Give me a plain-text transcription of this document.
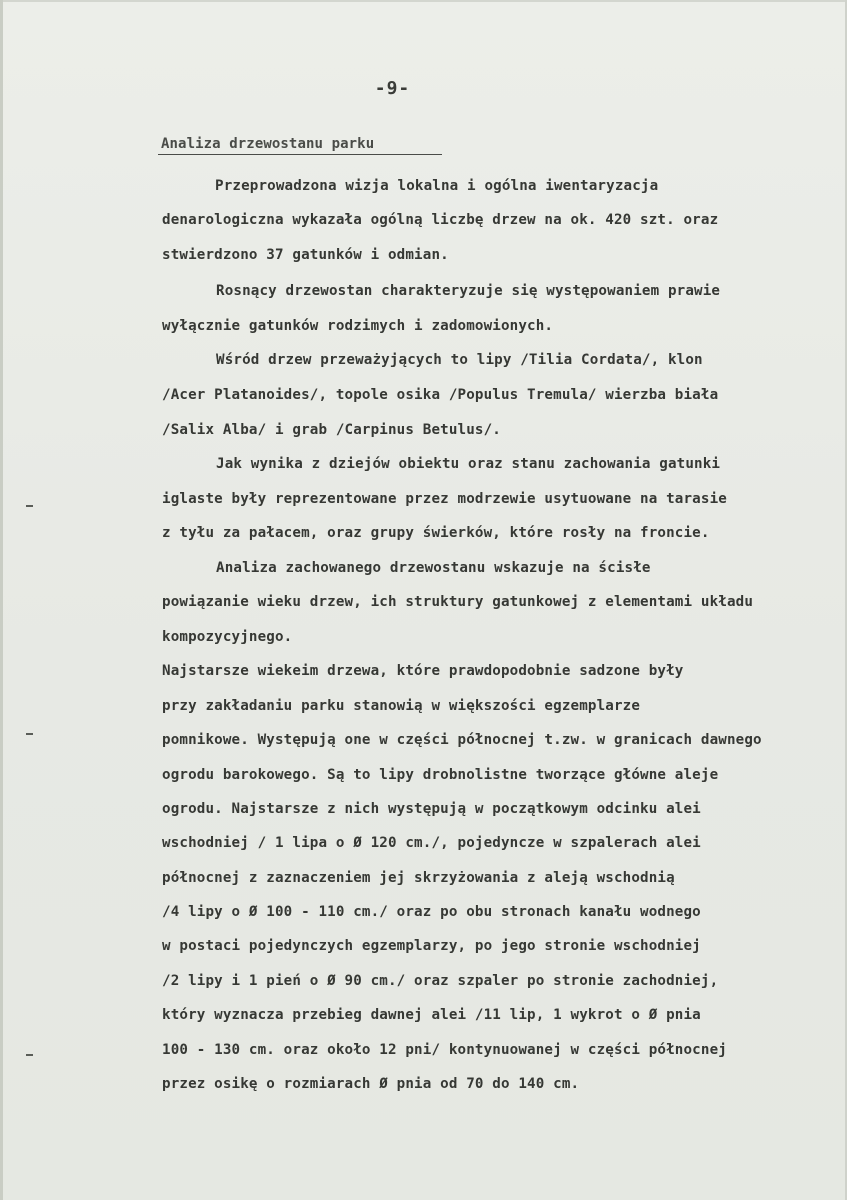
-9-
Analiza drzewostanu parku
Przeprowadzona wizja lokalna i ogólna iwentaryzacja
denarologiczna wykazała ogólną liczbę drzew na ok. 420 szt. oraz
stwierdzono 37 gatunków i odmian.
Rosnący drzewostan charakteryzuje się występowaniem prawie
wyłącznie gatunków rodzimych i zadomowionych.
Wśród drzew przeważyjących to lipy /Tilia Cordata/, klon
/Acer Platanoides/, topole osika /Populus Tremula/ wierzba biała
/Salix Alba/ i grab /Carpinus Betulus/.
Jak wynika z dziejów obiektu oraz stanu zachowania gatunki
iglaste były reprezentowane przez modrzewie usytuowane na tarasie
z tyłu za pałacem, oraz grupy świerków, które rosły na froncie.
Analiza zachowanego drzewostanu wskazuje na ścisłe
powiązanie wieku drzew, ich struktury gatunkowej z elementami układu
kompozycyjnego.
Najstarsze wiekeim drzewa, które prawdopodobnie sadzone były
przy zakładaniu parku stanowią w większości egzemplarze
pomnikowe. Występują one w części północnej t.zw. w granicach dawnego
ogrodu barokowego. Są to lipy drobnolistne tworzące główne aleje
ogrodu. Najstarsze z nich występują w początkowym odcinku alei
wschodniej / 1 lipa o Ø 120 cm./, pojedyncze w szpalerach alei
północnej z zaznaczeniem jej skrzyżowania z aleją wschodnią
/4 lipy o Ø 100 - 110 cm./ oraz po obu stronach kanału wodnego
w postaci pojedynczych egzemplarzy, po jego stronie wschodniej
/2 lipy i 1 pień o Ø 90 cm./ oraz szpaler po stronie zachodniej,
który wyznacza przebieg dawnej alei /11 lip, 1 wykrot o Ø pnia
100 - 130 cm. oraz około 12 pni/ kontynuowanej w części północnej
przez osikę o rozmiarach Ø pnia od 70 do 140 cm.
